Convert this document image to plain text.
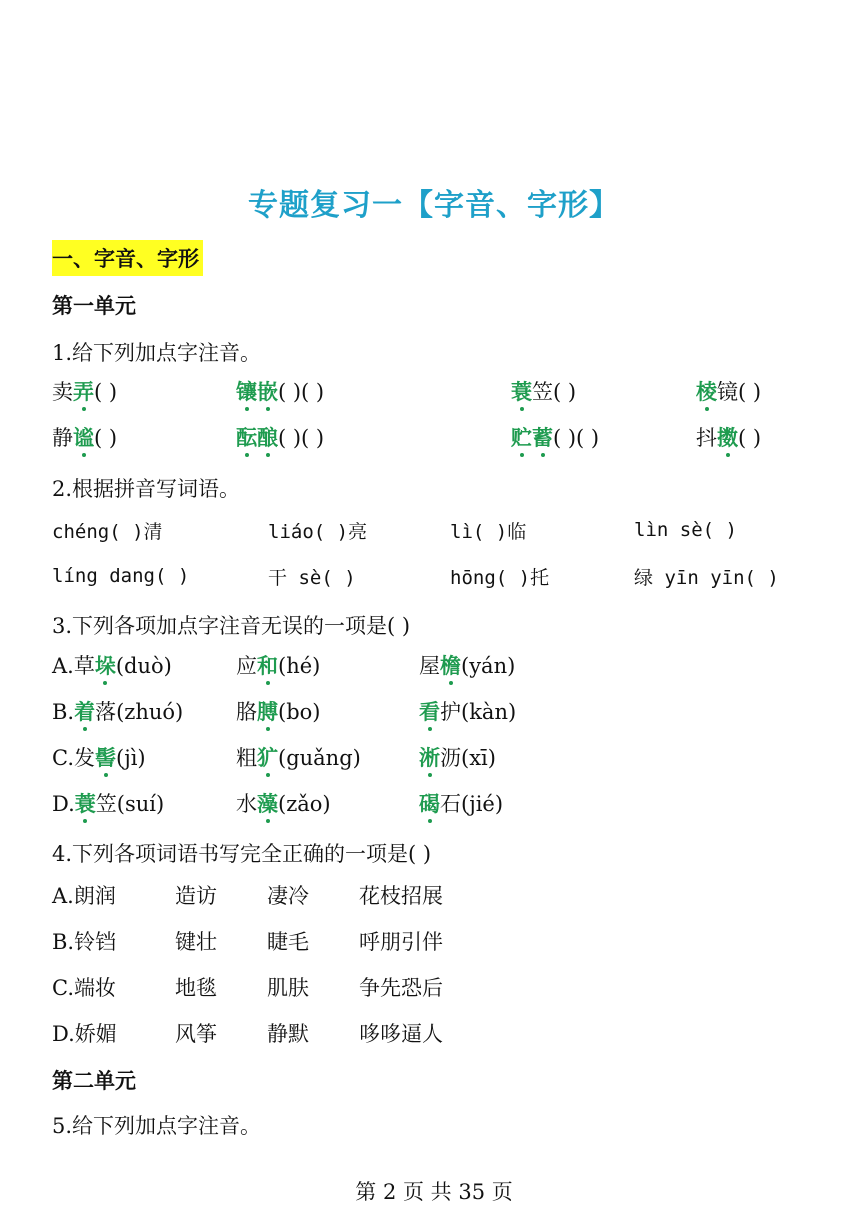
专题复习一【字音、字形】
一、字音、字形
第一单元
1.给下列加点字注音。
卖弄( )	镶嵌( )( )	蓑笠( )	棱镜( )
静谧( )	酝酿( )( )	贮蓄( )( )	抖擞( )
2.根据拼音写词语。
chéng( )清	liáo( )亮	lì( )临	lìn sè( )
líng dang( )	干 sè( )	hōng( )托	绿 yīn yīn( )
3.下列各项加点字注音无误的一项是( )
A.草垛(duò)	应和(hé)	屋檐(yán)
B.着落(zhuó)	胳膊(bo)	看护(kàn)
C.发髻(jì)	粗犷(guǎng)	淅沥(xī)
D.蓑笠(suí)	水藻(zǎo)	碣石(jié)
4.下列各项词语书写完全正确的一项是( )
A.朗润	造访 凄冷 花枝招展
B.铃铛	键壮 睫毛 呼朋引伴
C.端妆	地毯 肌肤 争先恐后
D.娇媚	风筝 静默 哆哆逼人
第二单元
5.给下列加点字注音。
第 2 页 共 35 页
